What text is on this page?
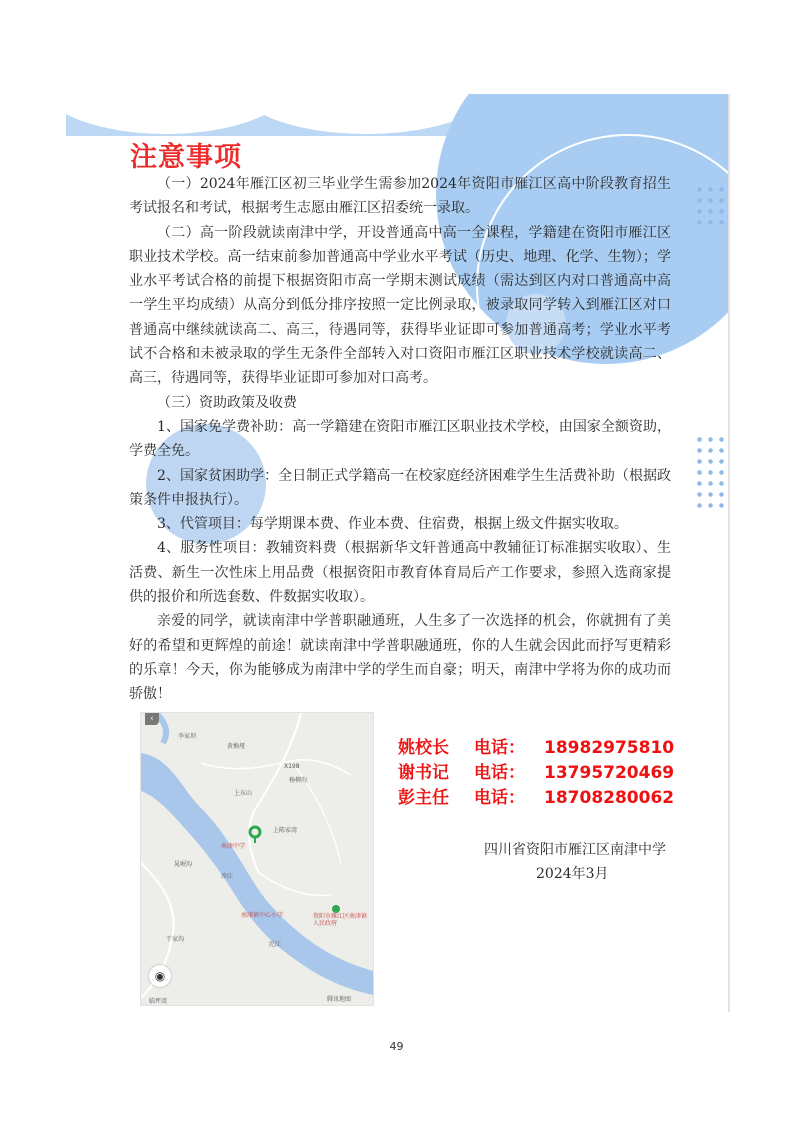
注意事项

（一）2024年雁江区初三毕业学生需参加2024年资阳市雁江区高中阶段教育招生考试报名和考试，根据考生志愿由雁江区招委统一录取。

（二）高一阶段就读南津中学，开设普通高中高一全课程，学籍建在资阳市雁江区职业技术学校。高一结束前参加普通高中学业水平考试（历史、地理、化学、生物）；学业水平考试合格的前提下根据资阳市高一学期末测试成绩（需达到区内对口普通高中高一学生平均成绩）从高分到低分排序按照一定比例录取，被录取同学转入到雁江区对口普通高中继续就读高二、高三，待遇同等，获得毕业证即可参加普通高考；学业水平考试不合格和未被录取的学生无条件全部转入对口资阳市雁江区职业技术学校就读高二、高三，待遇同等，获得毕业证即可参加对口高考。

（三）资助政策及收费

1、国家免学费补助：高一学籍建在资阳市雁江区职业技术学校，由国家全额资助，学费全免。

2、国家贫困助学：全日制正式学籍高一在校家庭经济困难学生生活费补助（根据政策条件申报执行）。

3、代管项目：每学期课本费、作业本费、住宿费，根据上级文件据实收取。

4、服务性项目：教辅资料费（根据新华文轩普通高中教辅征订标准据实收取）、生活费、新生一次性床上用品费（根据资阳市教育体育局后产工作要求，参照入选商家提供的报价和所选套数、件数据实收取）。

亲爱的同学，就读南津中学普职融通班，人生多了一次选择的机会，你就拥有了美好的希望和更辉煌的前途！就读南津中学普职融通班，你的人生就会因此而抒写更精彩的乐章！今天，你为能够成为南津中学的学生而自豪；明天，南津中学将为你的成功而骄傲！

‹
李家坝
黄桷垭
X198
杨柳沟
上东山
上陈家湾
南津中学
晁岷沟
沙江
南津镇中心小学	资阳市雁江区南津镇人民政府
沱江
干家沟
临坪湾	腾讯地图
◉
姚校长 电话： 18982975810
谢书记 电话： 13795720469
彭主任 电话： 18708280062
四川省资阳市雁江区南津中学
2024年3月
49
